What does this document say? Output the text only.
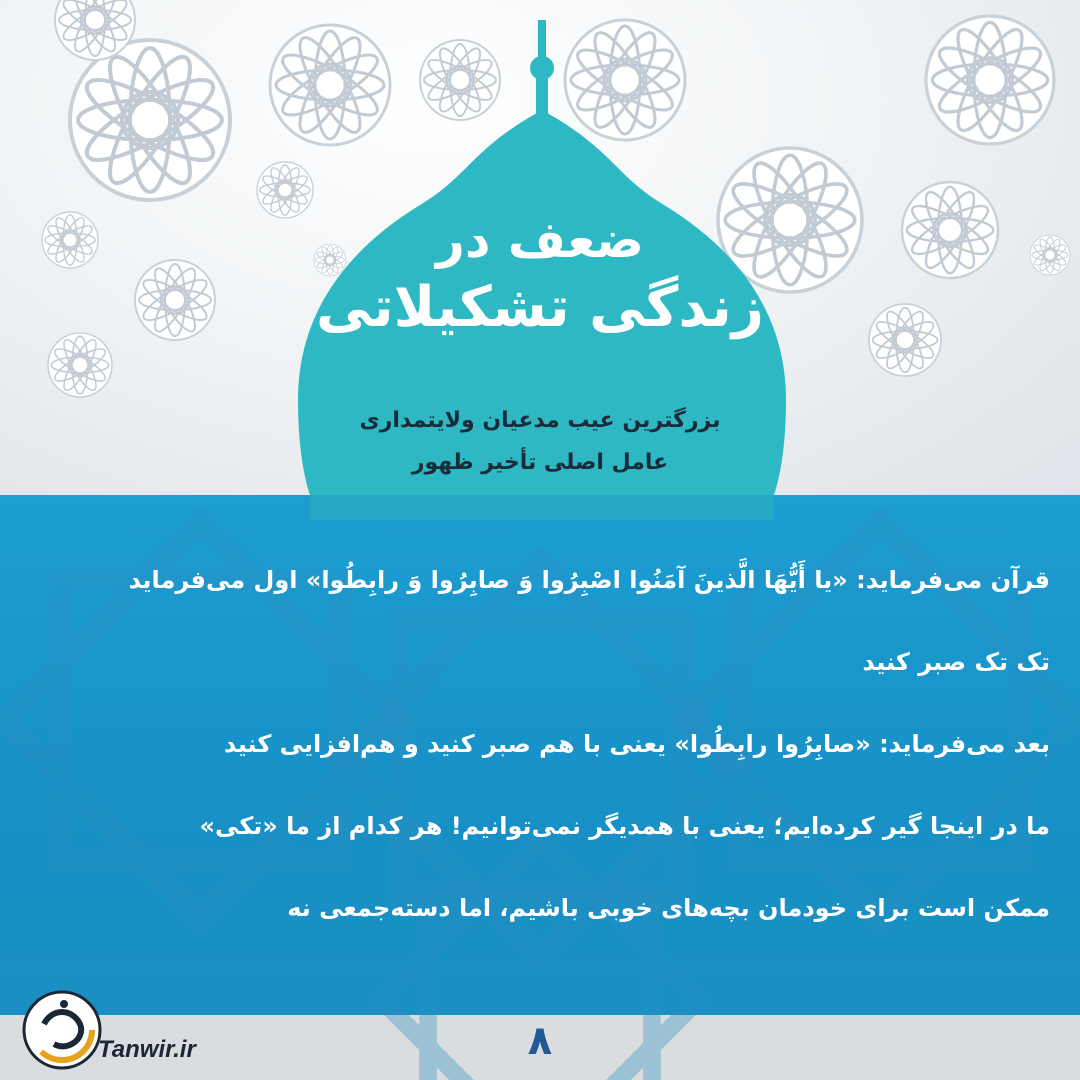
ضعف در
زندگی تشکیلاتی
بزرگترین عیب مدعیان ولایتمداری
عامل اصلی تأخیر ظهور
قرآن می‌فرماید: «یا أَیُّهَا الَّذینَ آمَنُوا اصْبِرُوا وَ صابِرُوا وَ رابِطُوا» اول می‌فرماید
تک تک صبر کنید
بعد می‌فرماید: «صابِرُوا رابِطُوا» یعنی با هم صبر کنید و هم‌افزایی کنید
ما در اینجا گیر کرده‌ایم؛ یعنی با همدیگر نمی‌توانیم! هر کدام از ما «تکی»
ممکن است برای خودمان بچه‌های خوبی باشیم، اما دسته‌جمعی نه
۸
Tanwir.ir
